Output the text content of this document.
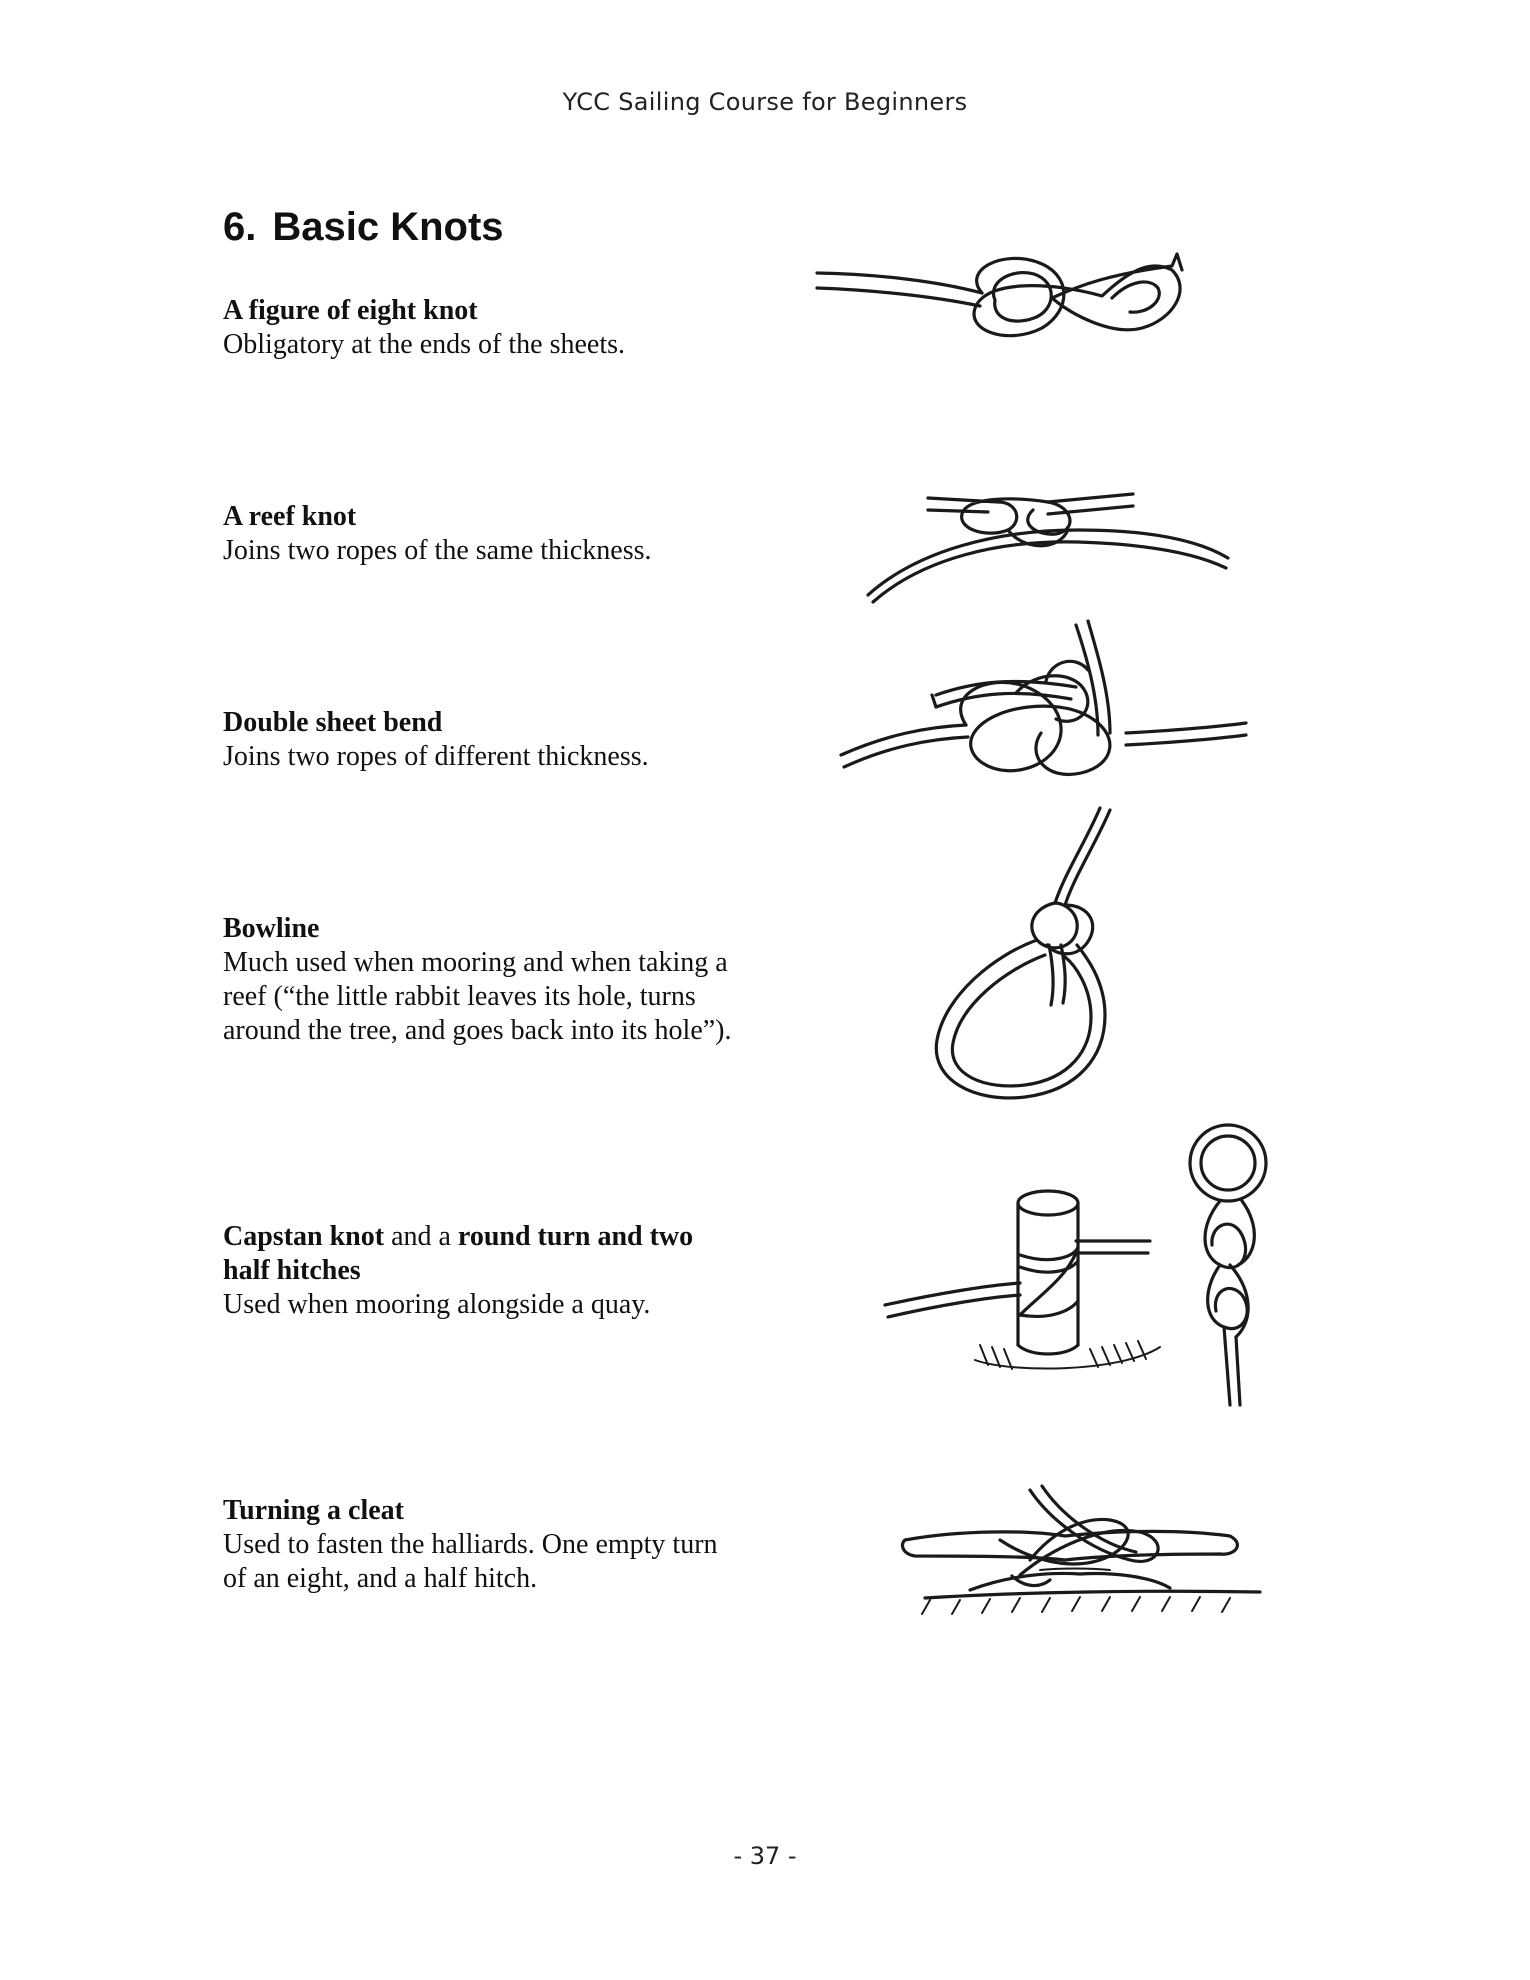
YCC Sailing Course for Beginners
6. Basic Knots
A figure of eight knot
Obligatory at the ends of the sheets.
A reef knot
Joins two ropes of the same thickness.
Double sheet bend
Joins two ropes of different thickness.
Bowline
Much used when mooring and when taking a reef (“the little rabbit leaves its hole, turns around the tree, and goes back into its hole”).
Capstan knot and a round turn and two half hitches
Used when mooring alongside a quay.
Turning a cleat
Used to fasten the halliards. One empty turn of an eight, and a half hitch.
- 37 -
